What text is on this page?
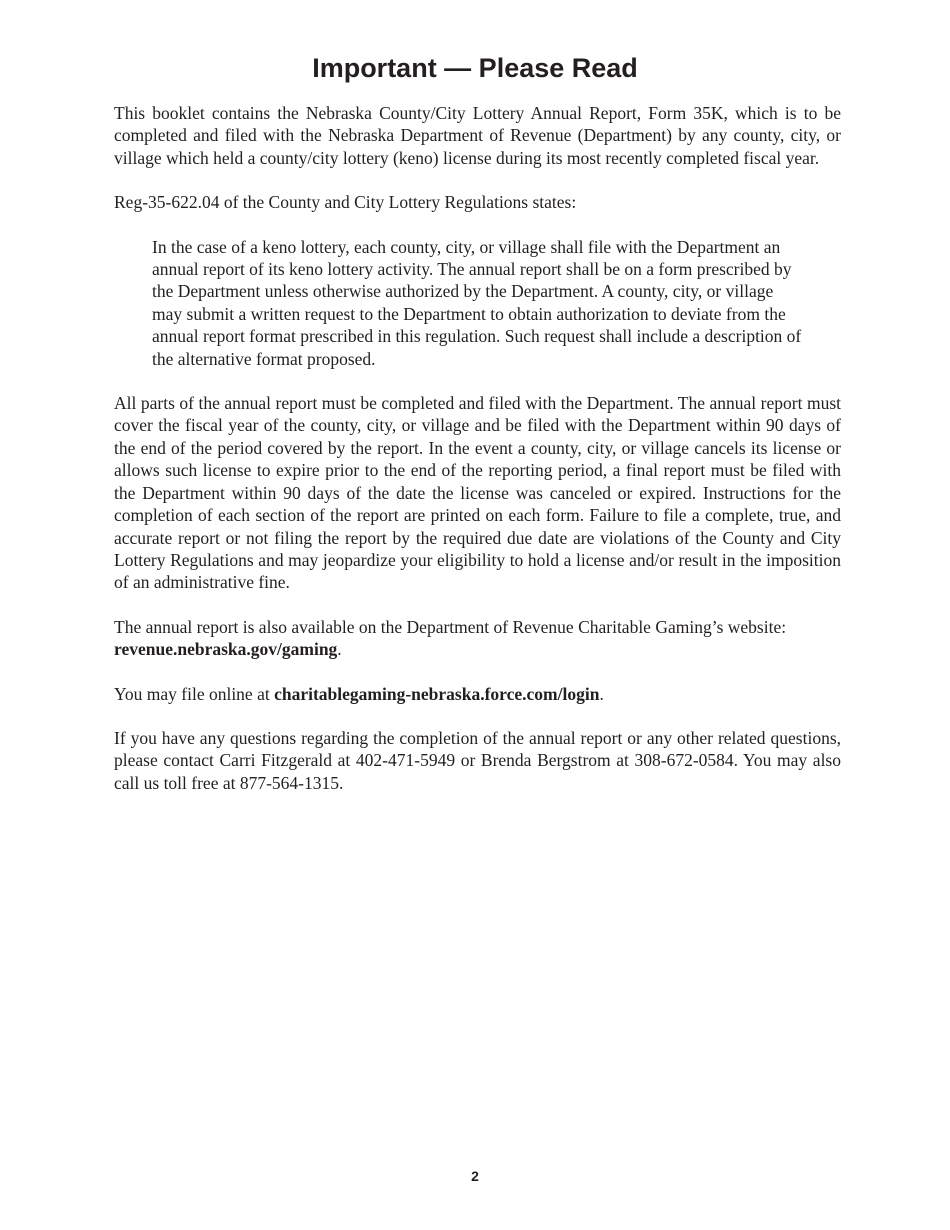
Important — Please Read

This booklet contains the Nebraska County/City Lottery Annual Report, Form 35K, which is to be completed and filed with the Nebraska Department of Revenue (Department) by any county, city, or village which held a county/city lottery (keno) license during its most recently completed fiscal year.

Reg-35-622.04 of the County and City Lottery Regulations states:

In the case of a keno lottery, each county, city, or village shall file with the Department an annual report of its keno lottery activity. The annual report shall be on a form prescribed by the Department unless otherwise authorized by the Department. A county, city, or village may submit a written request to the Department to obtain authorization to deviate from the annual report format prescribed in this regulation. Such request shall include a description of the alternative format proposed.

All parts of the annual report must be completed and filed with the Department. The annual report must cover the fiscal year of the county, city, or village and be filed with the Department within 90 days of the end of the period covered by the report. In the event a county, city, or village cancels its license or allows such license to expire prior to the end of the reporting period, a final report must be filed with the Department within 90 days of the date the license was canceled or expired. Instructions for the completion of each section of the report are printed on each form. Failure to file a complete, true, and accurate report or not filing the report by the required due date are violations of the County and City Lottery Regulations and may jeopardize your eligibility to hold a license and/or result in the imposition of an administrative fine.

The annual report is also available on the Department of Revenue Charitable Gaming’s website: revenue.nebraska.gov/gaming.

You may file online at charitablegaming-nebraska.force.com/login.

If you have any questions regarding the completion of the annual report or any other related questions, please contact Carri Fitzgerald at 402-471-5949 or Brenda Bergstrom at 308-672-0584. You may also call us toll free at 877-564-1315.

2
